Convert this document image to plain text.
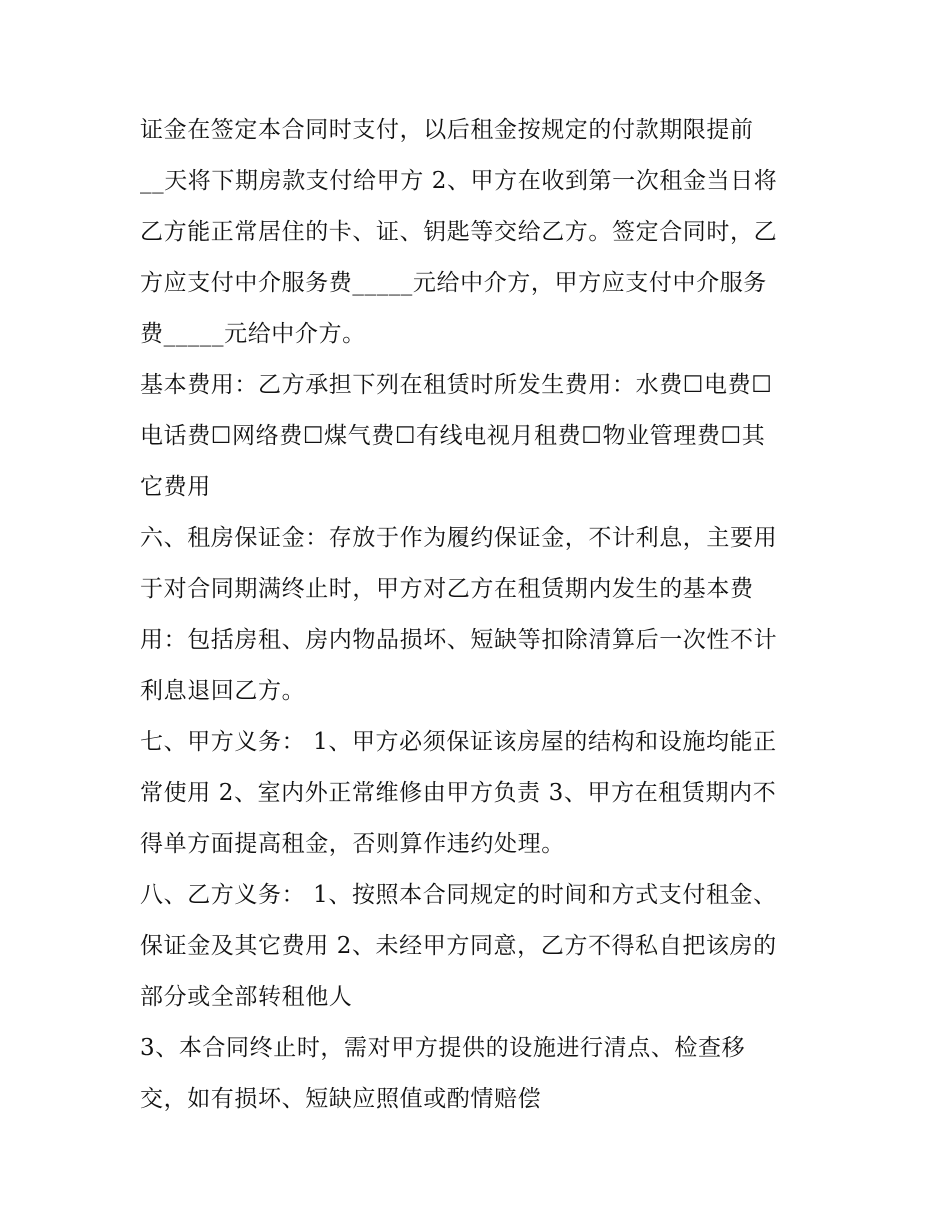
证金在签定本合同时支付，以后租金按规定的付款期限提前
__天将下期房款支付给甲方 2、甲方在收到第一次租金当日将
乙方能正常居住的卡、证、钥匙等交给乙方。签定合同时，乙
方应支付中介服务费_____元给中介方，甲方应支付中介服务
费_____元给中介方。
基本费用：乙方承担下列在租赁时所发生费用：水费☐电费☐
电话费☐网络费☐煤气费☐有线电视月租费☐物业管理费☐其
它费用
六、租房保证金：存放于作为履约保证金，不计利息，主要用
于对合同期满终止时，甲方对乙方在租赁期内发生的基本费
用：包括房租、房内物品损坏、短缺等扣除清算后一次性不计
利息退回乙方。
七、甲方义务： 1、甲方必须保证该房屋的结构和设施均能正
常使用 2、室内外正常维修由甲方负责 3、甲方在租赁期内不
得单方面提高租金，否则算作违约处理。
八、乙方义务： 1、按照本合同规定的时间和方式支付租金、
保证金及其它费用 2、未经甲方同意，乙方不得私自把该房的
部分或全部转租他人
3、本合同终止时，需对甲方提供的设施进行清点、检查移
交，如有损坏、短缺应照值或酌情赔偿
